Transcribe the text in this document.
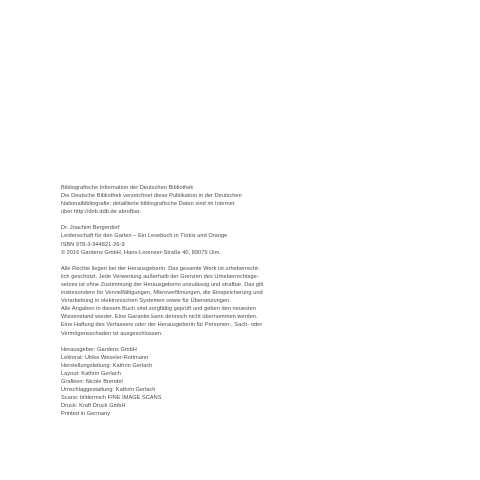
Bibliografische Information der Deutschen Bibliothek
Die Deutsche Bibliothek verzeichnet diese Publikation in der Deutschen
Nationalbibliografie; detaillierte bibliografische Daten sind im Internet
über http://dnb.ddb.de abrufbar.
Dr. Joachim Bergerdorf
Leidenschaft für den Garten – Ein Lesebuch in Türkis und Orange
ISBN 978-3-944821-26-9
© 2016 Gardens GmbH, Hans-Lorenser-Straße 40, 89079 Ulm.
Alle Rechte liegen bei der Herausgeberin. Das gesamte Werk ist urheberrecht-
lich geschützt. Jede Verwertung außerhalb der Grenzen des Urheberrechtsge-
setzes ist ohne Zustimmung der Herausgeberin unzulässig und strafbar. Das gilt
insbesondere für Vervielfältigungen, Mikroverfilmungen, die Einspeicherung und
Verarbeitung in elektronischen Systemen sowie für Übersetzungen.
Alle Angaben in diesem Buch sind sorgfältig geprüft und geben den neuesten
Wissenstand wieder. Eine Garantie kann dennoch nicht übernommen werden.
Eine Haftung des Verfassers oder der Herausgeberin für Personen-, Sach- oder
Vermögensschaden ist ausgeschlossen.
Herausgeber: Gardens GmbH
Lektorat: Ulrike Weseler-Rottmann
Herstellungsleitung: Kathrin Gerlach
Layout: Kathrin Gerlach
Grafiken: Nicole Brendel
Umschlaggestaltung: Kathrin Gerlach
Scans: bildermich FINE IMAGE SCANS
Druck: Kraft Druck GmbH
Printed in Germany
